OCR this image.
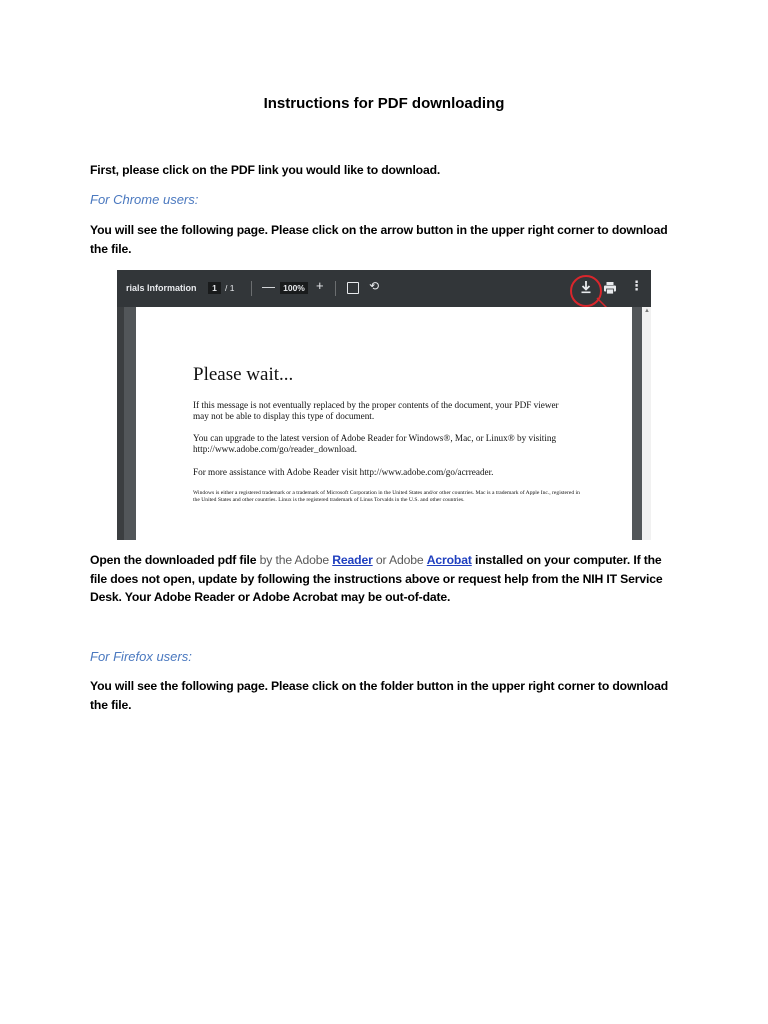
Instructions for PDF downloading
First, please click on the PDF link you would like to download.
For Chrome users:
You will see the following page. Please click on the arrow button in the upper right corner to download
the file.
rials Information	1 / 1 — 100% +	⟲	⋮
Please wait...
If this message is not eventually replaced by the proper contents of the document, your PDF viewer may not be able to display this type of document.
You can upgrade to the latest version of Adobe Reader for Windows®, Mac, or Linux® by visiting http://www.adobe.com/go/reader_download.
For more assistance with Adobe Reader visit http://www.adobe.com/go/acrreader.
Windows is either a registered trademark or a trademark of Microsoft Corporation in the United States and/or other countries. Mac is a trademark of Apple Inc., registered in the United States and other countries. Linux is the registered trademark of Linus Torvalds in the U.S. and other countries.
▲
Open the downloaded pdf file by the Adobe Reader or Adobe Acrobat installed on your computer. If the
file does not open, update by following the instructions above or request help from the NIH IT Service
Desk. Your Adobe Reader or Adobe Acrobat may be out-of-date.
For Firefox users:
You will see the following page. Please click on the folder button in the upper right corner to download
the file.
